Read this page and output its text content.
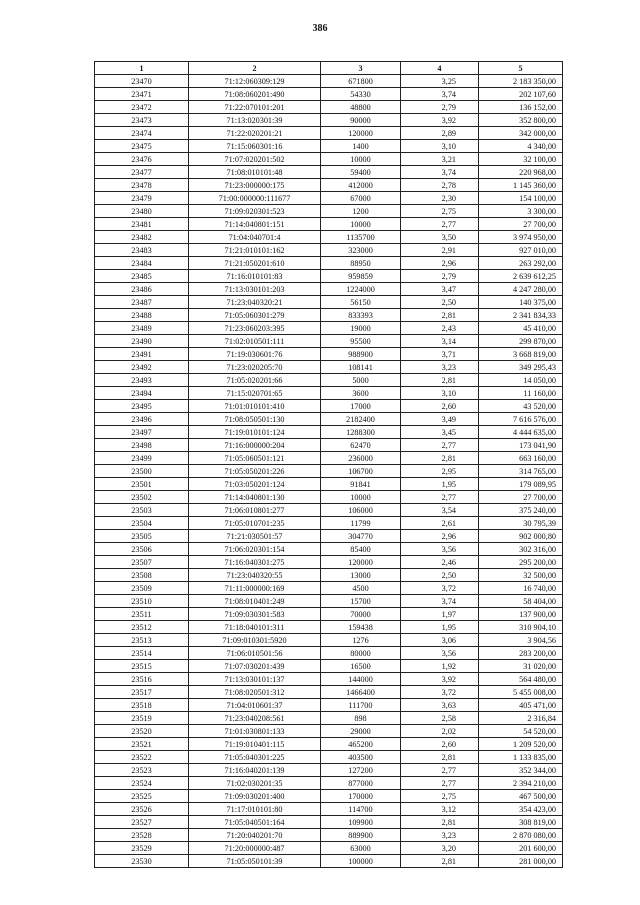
386
1	2	3	4	5
23470	71:12:060309:129	671800	3,25	2 183 350,00
23471	71:08:060201:490	54330	3,74	202 107,60
23472	71:22:070101:201	48800	2,79	136 152,00
23473	71:13:020301:39	90000	3,92	352 800,00
23474	71:22:020201:21	120000	2,89	342 000,00
23475	71:15:060301:16	1400	3,10	4 340,00
23476	71:07:020201:502	10000	3,21	32 100,00
23477	71:08:010101:48	59400	3,74	220 968,00
23478	71:23:000000:175	412000	2,78	1 145 360,00
23479	71:00:000000:111677	67000	2,30	154 100,00
23480	71:09:020301:523	1200	2,75	3 300,00
23481	71:14:040801:151	10000	2,77	27 700,00
23482	71:04:040701:4	1135700	3,50	3 974 950,00
23483	71:21:010101:162	323000	2,91	927 010,00
23484	71:21:050201:610	88950	2,96	263 292,00
23485	71:16:010101:83	959859	2,79	2 639 612,25
23486	71:13:030101:203	1224000	3,47	4 247 280,00
23487	71:23:040320:21	56150	2,50	140 375,00
23488	71:05:060301:279	833393	2,81	2 341 834,33
23489	71:23:060203:395	19000	2,43	45 410,00
23490	71:02:010501:111	95500	3,14	299 870,00
23491	71:19:030601:76	988900	3,71	3 668 819,00
23492	71:23:020205:70	108141	3,23	349 295,43
23493	71:05:020201:66	5000	2,81	14 050,00
23494	71:15:020701:65	3600	3,10	11 160,00
23495	71:01:010101:410	17000	2,60	43 520,00
23496	71:08:050501:130	2182400	3,49	7 616 576,00
23497	71:19:010101:124	1288300	3,45	4 444 635,00
23498	71:16:000000:204	62470	2,77	173 041,90
23499	71:05:060501:121	236000	2,81	663 160,00
23500	71:05:050201:226	106700	2,95	314 765,00
23501	71:03:050201:124	91841	1,95	179 089,95
23502	71:14:040801:130	10000	2,77	27 700,00
23503	71:06:010801:277	106000	3,54	375 240,00
23504	71:05:010701:235	11799	2,61	30 795,39
23505	71:21:030501:57	304770	2,96	902 000,80
23506	71:06:020301:154	85400	3,56	302 316,00
23507	71:16:040301:275	120000	2,46	295 200,00
23508	71:23:040320:55	13000	2,50	32 500,00
23509	71:11:000000:169	4500	3,72	16 740,00
23510	71:08:010401:249	15700	3,74	58 404,00
23511	71:09:030301:583	70000	1,97	137 900,00
23512	71:18:040101:311	159438	1,95	310 904,10
23513	71:09:010301:5920	1276	3,06	3 904,56
23514	71:06:010501:56	80000	3,56	283 200,00
23515	71:07:030201:439	16500	1,92	31 020,00
23516	71:13:030101:137	144000	3,92	564 480,00
23517	71:08:020501:312	1466400	3,72	5 455 008,00
23518	71:04:010601:37	111700	3,63	405 471,00
23519	71:23:040208:561	898	2,58	2 316,84
23520	71:01:030801:133	29000	2,02	54 520,00
23521	71:19:010401:115	465200	2,60	1 209 520,00
23522	71:05:040301:225	403500	2,81	1 133 835,00
23523	71:16:040201:139	127200	2,77	352 344,00
23524	71:02:030201:35	877000	2,77	2 394 210,00
23525	71:09:030201:400	170000	2,75	467 500,00
23526	71:17:010101:80	114700	3,12	354 423,00
23527	71:05:040501:164	109900	2,81	308 819,00
23528	71:20:040201:70	889900	3,23	2 870 080,00
23529	71:20:000000:487	63000	3,20	201 600,00
23530	71:05:050101:39	100000	2,81	281 000,00
